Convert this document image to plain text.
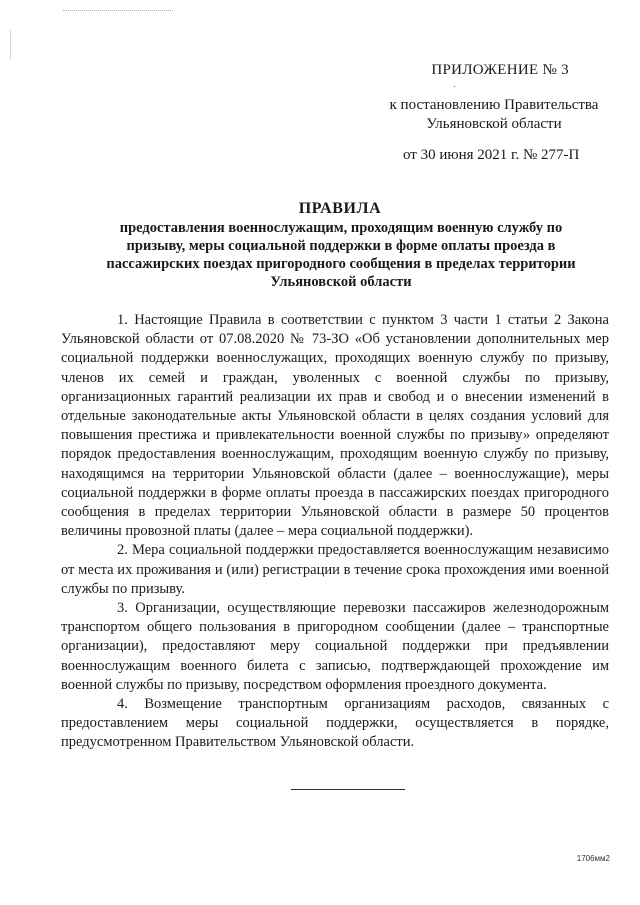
ПРИЛОЖЕНИЕ № 3
-
к постановлению Правительства
Ульяновской области
от 30 июня 2021 г. № 277-П
ПРАВИЛА
предоставления военнослужащим, проходящим военную службу по призыву, меры социальной поддержки в форме оплаты проезда в пассажирских поездах пригородного сообщения в пределах территории Ульяновской области

1. Настоящие Правила в соответствии с пунктом 3 части 1 статьи 2 Закона Ульяновской области от 07.08.2020 № 73-ЗО «Об установлении дополнительных мер социальной поддержки военнослужащих, проходящих военную службу по призыву, членов их семей и граждан, уволенных с военной службы по призыву, организационных гарантий реализации их прав и свобод и о внесении изменений в отдельные законодательные акты Ульяновской области в целях создания условий для повышения престижа и привлекательности военной службы по призыву» определяют порядок предоставления военнослужащим, проходящим военную службу по призыву, находящимся на территории Ульяновской области (далее – военнослужащие), меры социальной поддержки в форме оплаты проезда в пассажирских поездах пригородного сообщения в пределах территории Ульяновской области в размере 50 процентов величины провозной платы (далее – мера социальной поддержки).

2. Мера социальной поддержки предоставляется военнослужащим независимо от места их проживания и (или) регистрации в течение срока прохождения ими военной службы по призыву.

3. Организации, осуществляющие перевозки пассажиров железнодорожным транспортом общего пользования в пригородном сообщении (далее – транспортные организации), предоставляют меру социальной поддержки при предъявлении военнослужащим военного билета с записью, подтверждающей прохождение им военной службы по призыву, посредством оформления проездного документа.

4. Возмещение транспортным организациям расходов, связанных с предоставлением меры социальной поддержки, осуществляется в порядке, предусмотренном Правительством Ульяновской области.

1706мм2
